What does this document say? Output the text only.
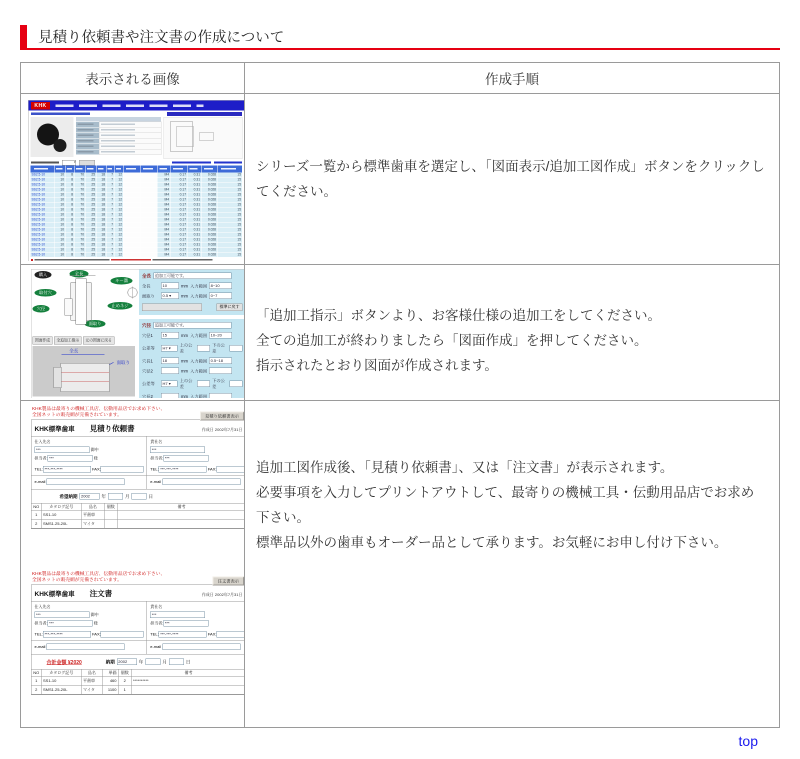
見積り依頼書や注文書の作成について
表示される画像	作成手順
KHK
▾
SS2.5-10	10	8	70	25 18 7 12	M4	0.17	0.31	0.028	15
SS2.5-10	10	8	70	25 18 7 12	M4	0.17	0.31	0.028	15
SS2.5-10	10	8	70	25 18 7 12	M4	0.17	0.31	0.028	15
SS2.5-10	10	8	70	25 18 7 12	M4	0.17	0.31	0.028	15
SS2.5-10	10	8	70	25 18 7 12	M4	0.17	0.31	0.028	15
SS2.5-10	10	8	70	25 18 7 12	M4	0.17	0.31	0.028	15
SS2.5-10	10	8	70	25 18 7 12	M4	0.17	0.31	0.028	15
SS2.5-10	10	8	70	25 18 7 12	M4	0.17	0.31	0.028	15
SS2.5-10	10	8	70	25 18 7 12	M4	0.17	0.31	0.028	15
SS2.5-10	10	8	70	25 18 7 12	M4	0.17	0.31	0.028	15
SS2.5-10	10	8	70	25 18 7 12	M4	0.17	0.31	0.028	15
SS2.5-10	10	8	70	25 18 7 12	M4	0.17	0.31	0.028	15
SS2.5-10	10	8	70	25 18 7 12	M4	0.17	0.31	0.028	15
SS2.5-10	10	8	70	25 18 7 12	M4	0.17	0.31	0.028	15
SS2.5-10	10	8	70	25 18 7 12	M4	0.17	0.31	0.028	15
SS2.5-10	10	8	70	25 18 7 12	M4	0.17	0.31	0.028	15
SS2.5-10	10	8	70	25 18 7 12	M4	0.17	0.31	0.028	15
シリーズ一覧から標準歯車を選定し、「図面表示/追加工図作成」ボタンをクリックしてください。
購入	全長
キー溝
取付穴
穴径
止めネジ
面取り
図面作成 全追加工指示 元の図面に戻る
全長
面取り
全長 追加工可能です。
全長	10	mm 入力範囲 8~10
面取り 0.5 ▾	mm 入力範囲 0~7
標準に戻す
穴径 追加工可能です。
穴径1	15	mm 入力範囲 10~20
公差等 H7 ▾
上の公差
下の公差
穴長1	18	mm 入力範囲 0.5~18
穴径2	mm 入力範囲
公差等 H7 ▾
上の公差
下の公差
穴長2	mm 入力範囲
「追加工指示」ボタンより、お客様仕様の追加工をしてください。
全ての追加工が終わりましたら「図面作成」を押してください。
指示されたとおり図面が作成されます。
KHK製品は最寄りの機械工具店、伝動用品店でお求め下さい、
全国ネットの販売網が完備されています。	見積り依頼書表示
KHK標準歯車 見積り依頼書	作成日 2002年7月31日
仕入先名
***	御中
担当者: ***	様
TEL: ***-***-****	FAX:
e-mail
貴社名
***
担当者: ***
TEL: ***-***-****	FAX:
e-mail
希望納期 2002	年 月 日
NO	カタログ記号	品名	個数	備考
1 SS1-10	平歯車
2 SMS1.25-20L	マイタ
KHK製品は最寄りの機械工具店、伝動用品店でお求め下さい、
全国ネットの販売網が完備されています。	注文書表示
KHK標準歯車 注文書	作成日 2002年7月31日
仕入先名
***	御中
担当者: ***	様
TEL: ***-***-****	FAX:
e-mail
貴社名
***
担当者: ***
TEL: ***-***-****	FAX:
e-mail
合計金額 ¥2020	納期 2002	年 月 日
NO	カタログ記号	品名	単価 個数	備考
1 SS1-10	平歯車	460 2 **********
2 SMS1.25-20L	マイタ	1100 1
追加工図作成後、「見積り依頼書」、又は「注文書」が表示されます。
必要事項を入力してプリントアウトして、最寄りの機械工具・伝動用品店でお求め下さい。
標準品以外の歯車もオーダー品として承ります。お気軽にお申し付け下さい。
top
